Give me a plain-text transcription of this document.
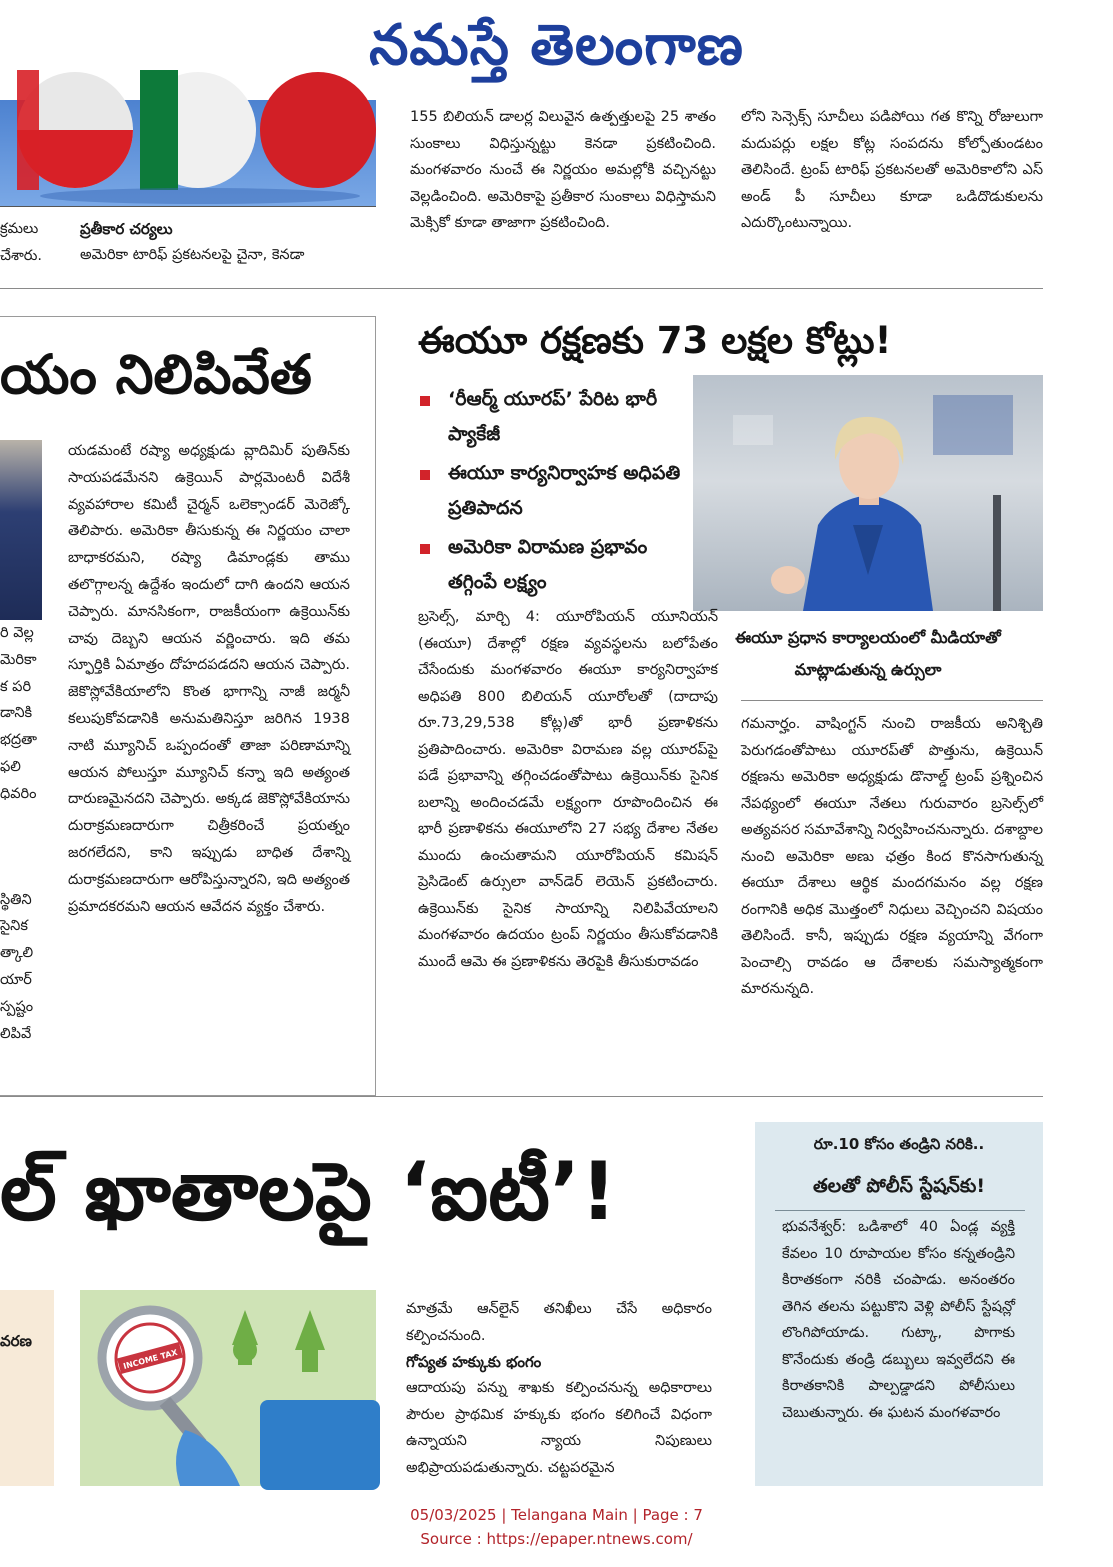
నమస్తే తెలంగాణ

క్రమలు

చేశారు.

ప్రతీకార చర్యలు
అమెరికా టారిఫ్ ప్రకటనలపై చైనా, కెనడా
155 బిలియన్ డాలర్ల విలువైన ఉత్పత్తులపై 25 శాతం సుంకాలు విధిస్తున్నట్టు కెనడా ప్రకటించింది. మంగళవారం నుంచే ఈ నిర్ణయం అమల్లోకి వచ్చినట్టు వెల్లడించింది. అమెరికాపై ప్రతీకార సుంకాలు విధిస్తామని మెక్సికో కూడా తాజాగా ప్రకటించింది.
లోని సెన్సెక్స్ సూచీలు పడిపోయి గత కొన్ని రోజులుగా మదుపర్లు లక్షల కోట్ల సంపదను కోల్పోతుండటం తెలిసిందే. ట్రంప్ టారిఫ్ ప్రకటనలతో అమెరికాలోని ఎస్ అండ్ పీ సూచీలు కూడా ఒడిదొడుకులను ఎదుర్కొంటున్నాయి.
యం నిలిపివేత
రి వెల్ల
మెరికా
క పరి
డానికి
భద్రతా
ఫలి
ధివరిం
స్థితిని
సైనిక
త్కాలి
యార్
స్పష్టం
లిపివే
యడమంటే రష్యా అధ్యక్షుడు వ్లాదిమిర్ పుతిన్‌కు సాయపడమేనని ఉక్రెయిన్ పార్లమెంటరీ విదేశీ వ్యవహారాల కమిటీ చైర్మన్ ఒలెక్సాండర్ మెరెజ్కో తెలిపారు. అమెరికా తీసుకున్న ఈ నిర్ణయం చాలా బాధాకరమని, రష్యా డిమాండ్లకు తాము తలొగ్గాలన్న ఉద్దేశం ఇందులో దాగి ఉందని ఆయన చెప్పారు. మానసికంగా, రాజకీయంగా ఉక్రెయిన్‌కు చావు దెబ్బని ఆయన వర్ణించారు. ఇది తమ స్ఫూర్తికి ఏమాత్రం దోహదపడదని ఆయన చెప్పారు. జెకొస్లోవేకియాలోని కొంత భాగాన్ని నాజీ జర్మనీ కలుపుకోవడానికి అనుమతినిస్తూ జరిగిన 1938 నాటి మ్యూనిచ్ ఒప్పందంతో తాజా పరిణామాన్ని ఆయన పోలుస్తూ మ్యూనిచ్ కన్నా ఇది అత్యంత దారుణమైనదని చెప్పారు. అక్కడ జెకొస్లోవేకియాను దురాక్రమణదారుగా చిత్రీకరించే ప్రయత్నం జరగలేదని, కాని ఇప్పుడు బాధిత దేశాన్ని దురాక్రమణదారుగా ఆరోపిస్తున్నారని, ఇది అత్యంత ప్రమాదకరమని ఆయన ఆవేదన వ్యక్తం చేశారు.
ఈయూ రక్షణకు 73 లక్షల కోట్లు!
‘రీఆర్మ్ యూరప్’ పేరిట భారీ ప్యాకేజీ
ఈయూ కార్యనిర్వాహక అధిపతి ప్రతిపాదన
అమెరికా విరామణ ప్రభావం తగ్గింపే లక్ష్యం
ఈయూ ప్రధాన కార్యాలయంలో మీడియాతో మాట్లాడుతున్న ఉర్సులా
బ్రసెల్స్, మార్చి 4: యూరోపియన్ యూనియన్ (ఈయూ) దేశాల్లో రక్షణ వ్యవస్థలను బలోపేతం చేసేందుకు మంగళవారం ఈయూ కార్యనిర్వాహక అధిపతి 800 బిలియన్ యూరోలతో (దాదాపు రూ.73,29,538 కోట్ల)తో భారీ ప్రణాళికను ప్రతిపాదించారు. అమెరికా విరామణ వల్ల యూరప్‌పై పడే ప్రభావాన్ని తగ్గించడంతోపాటు ఉక్రెయిన్‌కు సైనిక బలాన్ని అందించడమే లక్ష్యంగా రూపొందించిన ఈ భారీ ప్రణాళికను ఈయూలోని 27 సభ్య దేశాల నేతల ముందు ఉంచుతామని యూరోపియన్ కమిషన్ ప్రెసిడెంట్ ఉర్సులా వాన్‌డెర్ లెయెన్ ప్రకటించారు. ఉక్రెయిన్‌కు సైనిక సాయాన్ని నిలిపివేయాలని మంగళవారం ఉదయం ట్రంప్ నిర్ణయం తీసుకోవడానికి ముందే ఆమె ఈ ప్రణాళికను తెరపైకి తీసుకురావడం
గమనార్హం. వాషింగ్టన్ నుంచి రాజకీయ అనిశ్చితి పెరుగడంతోపాటు యూరప్‌తో పొత్తును, ఉక్రెయిన్ రక్షణను అమెరికా అధ్యక్షుడు డొనాల్డ్ ట్రంప్ ప్రశ్నించిన నేపథ్యంలో ఈయూ నేతలు గురువారం బ్రసెల్స్‌లో అత్యవసర సమావేశాన్ని నిర్వహించనున్నారు. దశాబ్దాల నుంచి అమెరికా అణు ఛత్రం కింద కొనసాగుతున్న ఈయూ దేశాలు ఆర్థిక మందగమనం వల్ల రక్షణ రంగానికి అధిక మొత్తంలో నిధులు వెచ్చించని విషయం తెలిసిందే. కానీ, ఇప్పుడు రక్షణ వ్యయాన్ని వేగంగా పెంచాల్సి రావడం ఆ దేశాలకు సమస్యాత్మకంగా మారనున్నది.
ల్ ఖాతాలపై ‘ఐటీ’!
వరణ
INCOME TAX

మాత్రమే ఆన్‌లైన్ తనిఖీలు చేసే అధికారం కల్పించనుంది.

గోప్యత హక్కుకు భంగం

ఆదాయపు పన్ను శాఖకు కల్పించనున్న అధికారాలు పౌరుల ప్రాథమిక హక్కుకు భంగం కలిగించే విధంగా ఉన్నాయని న్యాయ నిపుణులు అభిప్రాయపడుతున్నారు. చట్టపరమైన

రూ.10 కోసం తండ్రిని నరికి..
తలతో పోలీస్ స్టేషన్‌కు!
భువనేశ్వర్: ఒడిశాలో 40 ఏండ్ల వ్యక్తి కేవలం 10 రూపాయల కోసం కన్నతండ్రిని కిరాతకంగా నరికి చంపాడు. అనంతరం తెగిన తలను పట్టుకొని వెళ్లి పోలీస్ స్టేషన్లో లొంగిపోయాడు. గుట్కా, పొగాకు కొనేందుకు తండ్రి డబ్బులు ఇవ్వలేదని ఈ కిరాతకానికి పాల్పడ్డాడని పోలీసులు చెబుతున్నారు. ఈ ఘటన మంగళవారం
05/03/2025 | Telangana Main | Page : 7
Source : https://epaper.ntnews.com/
